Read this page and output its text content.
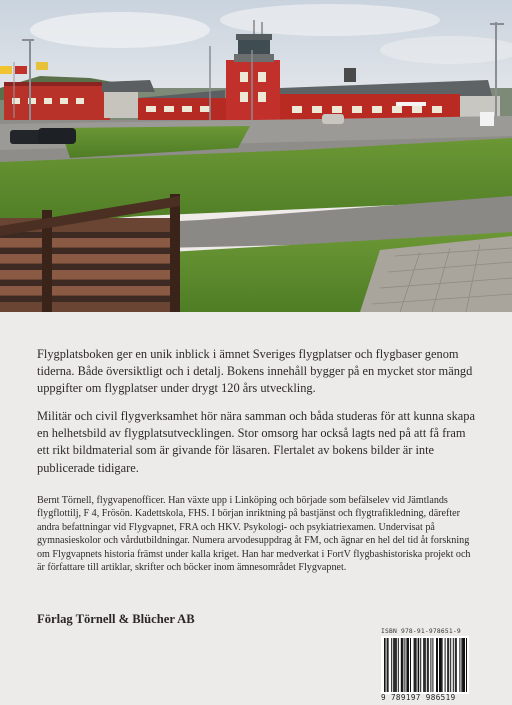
Flygplatsboken ger en unik inblick i ämnet Sveriges flygplatser och flygbaser genom tiderna. Både översiktligt och i detalj. Bokens innehåll bygger på en mycket stor mängd uppgifter om flygplatser under drygt 120 års utveckling.

Militär och civil flygverksamhet hör nära samman och båda studeras för att kunna skapa en helhetsbild av flygplatsutvecklingen. Stor omsorg har också lagts ned på att få fram ett rikt bildmaterial som är givande för läsaren. Flertalet av bokens bilder är inte publicerade tidigare.

Bernt Törnell, flygvapenofficer. Han växte upp i Linköping och började som befälselev vid Jämtlands flygflottilj, F 4, Frösön. Kadettskola, FHS. I början inriktning på bastjänst och flygtrafikledning, därefter andra befattningar vid Flygvapnet, FRA och HKV. Psykologi- och psykiatriexamen. Undervisat på gymnasieskolor och vårdutbildningar. Numera arvodesuppdrag åt FM, och ägnar en hel del tid åt forskning om Flygvapnets historia främst under kalla kriget. Han har medverkat i FortV flygbashistoriska projekt och är författare till artiklar, skrifter och böcker inom ämnesområdet Flygvapnet.

Förlag Törnell & Blücher AB

ISBN 978-91-978651-9
9 789197 986519
